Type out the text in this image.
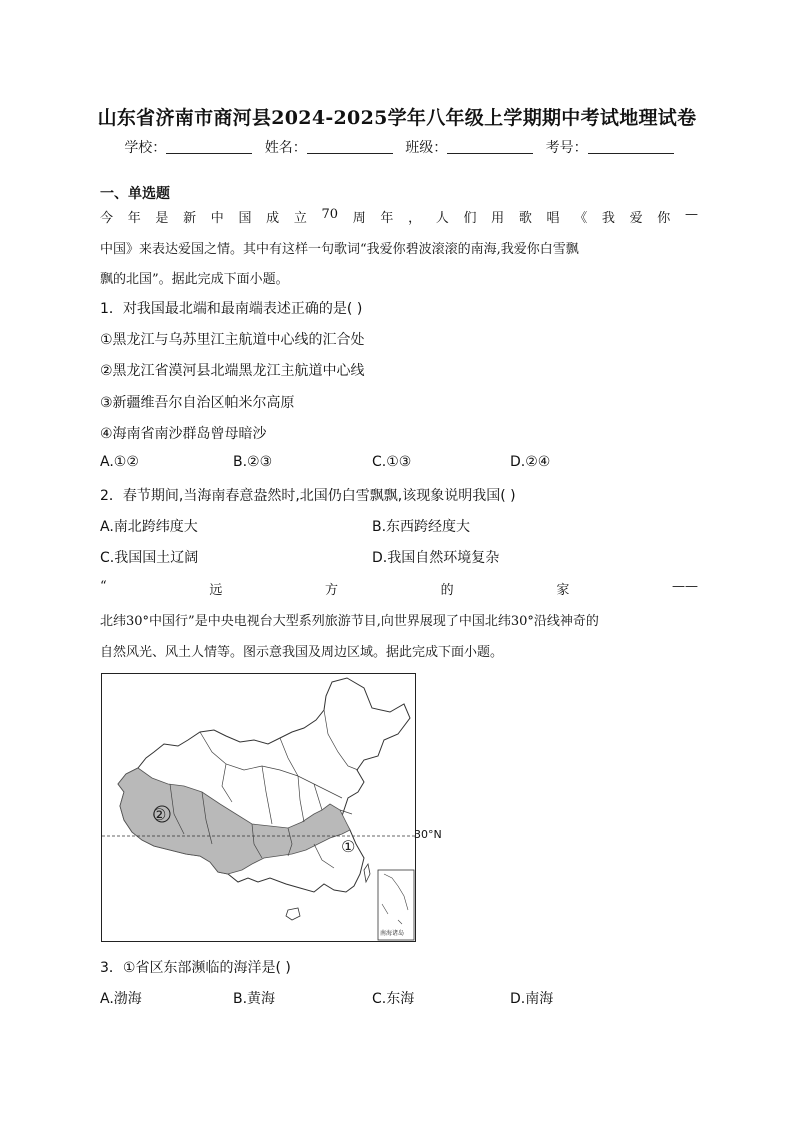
山东省济南市商河县2024-2025学年八年级上学期期中考试地理试卷
学校：	姓名：	班级：	考号：
一、单选题
今 年 是 新 中 国 成 立 70 周 年 ， 人 们 用 歌 唱 《 我 爱 你 —
中国》来表达爱国之情。其中有这样一句歌词“我爱你碧波滚滚的南海,我爱你白雪飘
飘的北国”。据此完成下面小题。
1．对我国最北端和最南端表述正确的是( )
①黑龙江与乌苏里江主航道中心线的汇合处
②黑龙江省漠河县北端黑龙江主航道中心线
③新疆维吾尔自治区帕米尔高原
④海南省南沙群岛曾母暗沙
A.①②	B.②③	C.①③	D.②④
2．春节期间,当海南春意盎然时,北国仍白雪飘飘,该现象说明我国( )
A.南北跨纬度大	B.东西跨经度大
C.我国国土辽阔	D.我国自然环境复杂
“	远	方	的	家	——
北纬30°中国行”是中央电视台大型系列旅游节目,向世界展现了中国北纬30°沿线神奇的
自然风光、风土人情等。图示意我国及周边区域。据此完成下面小题。
②
①
南海诸岛
30°N
3．①省区东部濒临的海洋是( )
A.渤海	B.黄海	C.东海	D.南海
